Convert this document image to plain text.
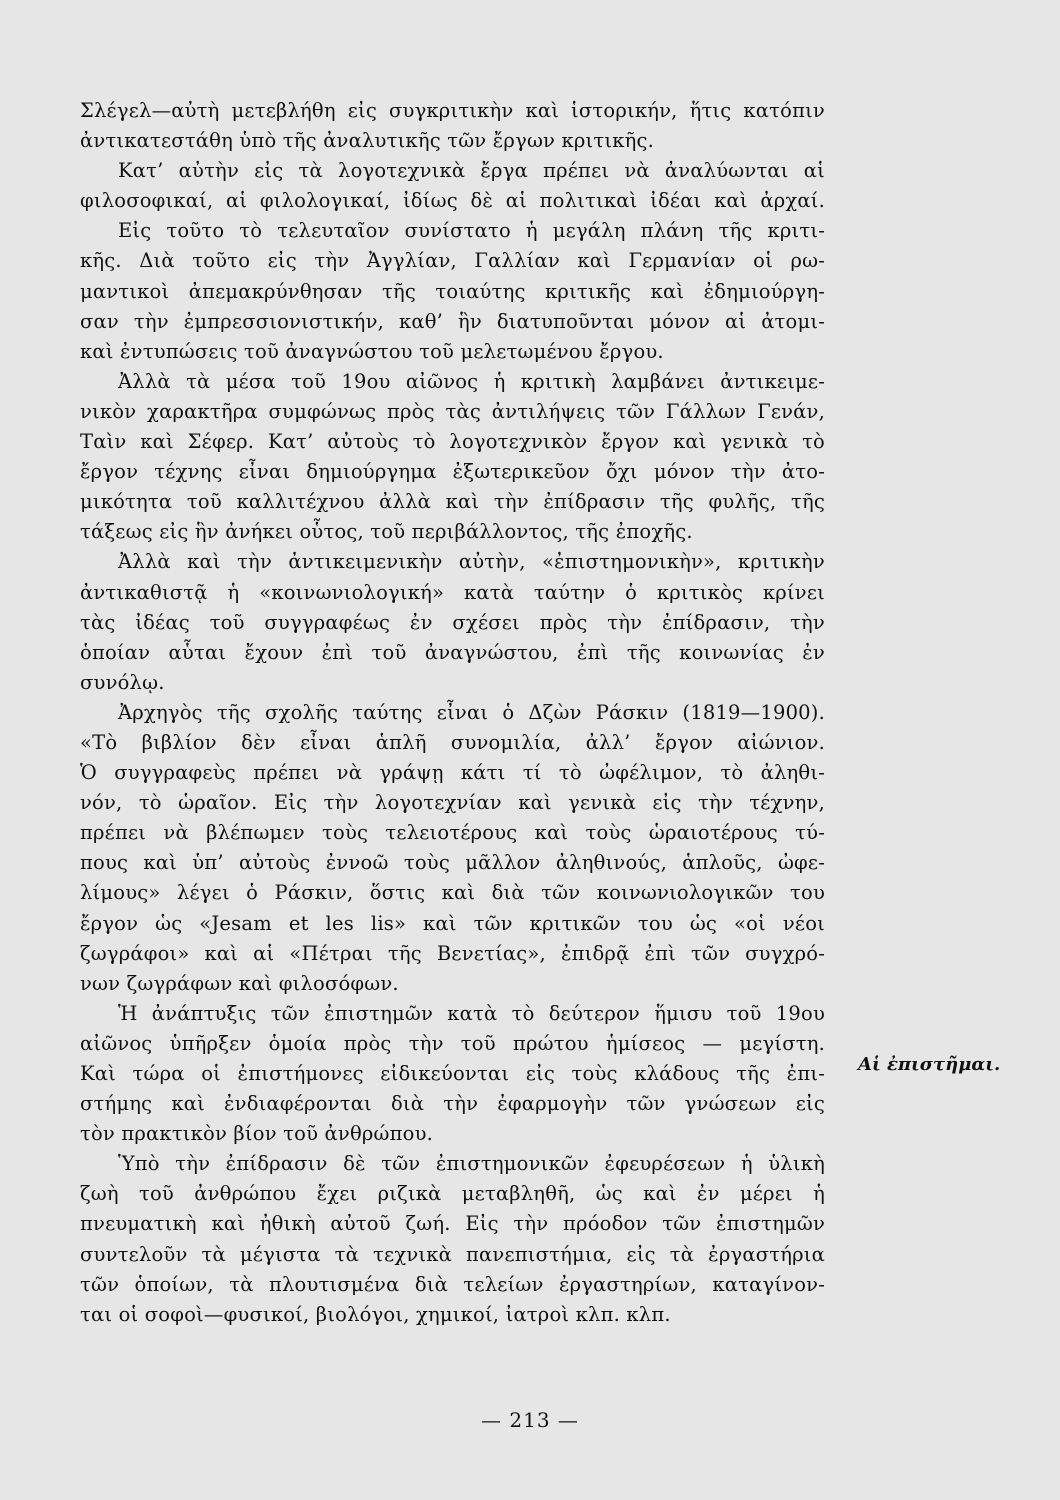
Σλέγελ—αὐτὴ μετεβλήθη εἰς συγκριτικὴν καὶ ἱστορικήν, ἥτις κατόπιν
ἀντικατεστάθη ὑπὸ τῆς ἀναλυτικῆς τῶν ἔργων κριτικῆς.
Κατ’ αὐτὴν εἰς τὰ λογοτεχνικὰ ἔργα πρέπει νὰ ἀναλύωνται αἱ
φιλοσοφικαί, αἱ φιλολογικαί, ἰδίως δὲ αἱ πολιτικαὶ ἰδέαι καὶ ἀρχαί.
Εἰς τοῦτο τὸ τελευταῖον συνίστατο ἡ μεγάλη πλάνη τῆς κριτι-
κῆς. Διὰ τοῦτο εἰς τὴν Ἀγγλίαν, Γαλλίαν καὶ Γερμανίαν οἱ ρω-
μαντικοὶ ἀπεμακρύνθησαν τῆς τοιαύτης κριτικῆς καὶ ἐδημιούργη-
σαν τὴν ἐμπρεσσιονιστικήν, καθ’ ἣν διατυποῦνται μόνον αἱ ἀτομι-
καὶ ἐντυπώσεις τοῦ ἀναγνώστου τοῦ μελετωμένου ἔργου.
Ἀλλὰ τὰ μέσα τοῦ 19ου αἰῶνος ἡ κριτικὴ λαμβάνει ἀντικειμε-
νικὸν χαρακτῆρα συμφώνως πρὸς τὰς ἀντιλήψεις τῶν Γάλλων Γενάν,
Ταὶν καὶ Σέφερ. Κατ’ αὐτοὺς τὸ λογοτεχνικὸν ἔργον καὶ γενικὰ τὸ
ἔργον τέχνης εἶναι δημιούργημα ἐξωτερικεῦον ὄχι μόνον τὴν ἀτο-
μικότητα τοῦ καλλιτέχνου ἀλλὰ καὶ τὴν ἐπίδρασιν τῆς φυλῆς, τῆς
τάξεως εἰς ἣν ἀνήκει οὗτος, τοῦ περιβάλλοντος, τῆς ἐποχῆς.
Ἀλλὰ καὶ τὴν ἀντικειμενικὴν αὐτὴν, «ἐπιστημονικὴν», κριτικὴν
ἀντικαθιστᾷ ἡ «κοινωνιολογική» κατὰ ταύτην ὁ κριτικὸς κρίνει
τὰς ἰδέας τοῦ συγγραφέως ἐν σχέσει πρὸς τὴν ἐπίδρασιν, τὴν
ὁποίαν αὗται ἔχουν ἐπὶ τοῦ ἀναγνώστου, ἐπὶ τῆς κοινωνίας ἐν
συνόλῳ.
Ἀρχηγὸς τῆς σχολῆς ταύτης εἶναι ὁ Δζὼν Ράσκιν (1819—1900).
«Τὸ βιβλίον δὲν εἶναι ἁπλῆ συνομιλία, ἀλλ’ ἔργον αἰώνιον.
Ὁ συγγραφεὺς πρέπει νὰ γράψῃ κάτι τί τὸ ὠφέλιμον, τὸ ἀληθι-
νόν, τὸ ὡραῖον. Εἰς τὴν λογοτεχνίαν καὶ γενικὰ εἰς τὴν τέχνην,
πρέπει νὰ βλέπωμεν τοὺς τελειοτέρους καὶ τοὺς ὡραιοτέρους τύ-
πους καὶ ὑπ’ αὐτοὺς ἐννοῶ τοὺς μᾶλλον ἀληθινούς, ἁπλοῦς, ὠφε-
λίμους» λέγει ὁ Ράσκιν, ὅστις καὶ διὰ τῶν κοινωνιολογικῶν του
ἔργον ὡς «Jesam et les lis» καὶ τῶν κριτικῶν του ὡς «οἱ νέοι
ζωγράφοι» καὶ αἱ «Πέτραι τῆς Βενετίας», ἐπιδρᾷ ἐπὶ τῶν συγχρό-
νων ζωγράφων καὶ φιλοσόφων.
Ἡ ἀνάπτυξις τῶν ἐπιστημῶν κατὰ τὸ δεύτερον ἥμισυ τοῦ 19ου
αἰῶνος ὑπῆρξεν ὁμοία πρὸς τὴν τοῦ πρώτου ἡμίσεος — μεγίστη.
Καὶ τώρα οἱ ἐπιστήμονες εἰδικεύονται εἰς τοὺς κλάδους τῆς ἐπι-
στήμης καὶ ἐνδιαφέρονται διὰ τὴν ἐφαρμογὴν τῶν γνώσεων εἰς
τὸν πρακτικὸν βίον τοῦ ἀνθρώπου.
Ὑπὸ τὴν ἐπίδρασιν δὲ τῶν ἐπιστημονικῶν ἐφευρέσεων ἡ ὑλικὴ
ζωὴ τοῦ ἀνθρώπου ἔχει ριζικὰ μεταβληθῆ, ὡς καὶ ἐν μέρει ἡ
πνευματικὴ καὶ ἠθικὴ αὐτοῦ ζωή. Εἰς τὴν πρόοδον τῶν ἐπιστημῶν
συντελοῦν τὰ μέγιστα τὰ τεχνικὰ πανεπιστήμια, εἰς τὰ ἐργαστήρια
τῶν ὁποίων, τὰ πλουτισμένα διὰ τελείων ἐργαστηρίων, καταγίνον-
ται οἱ σοφοὶ—φυσικοί, βιολόγοι, χημικοί, ἰατροὶ κλπ. κλπ.
Αἱ ἐπιστῆμαι.
— 213 —
